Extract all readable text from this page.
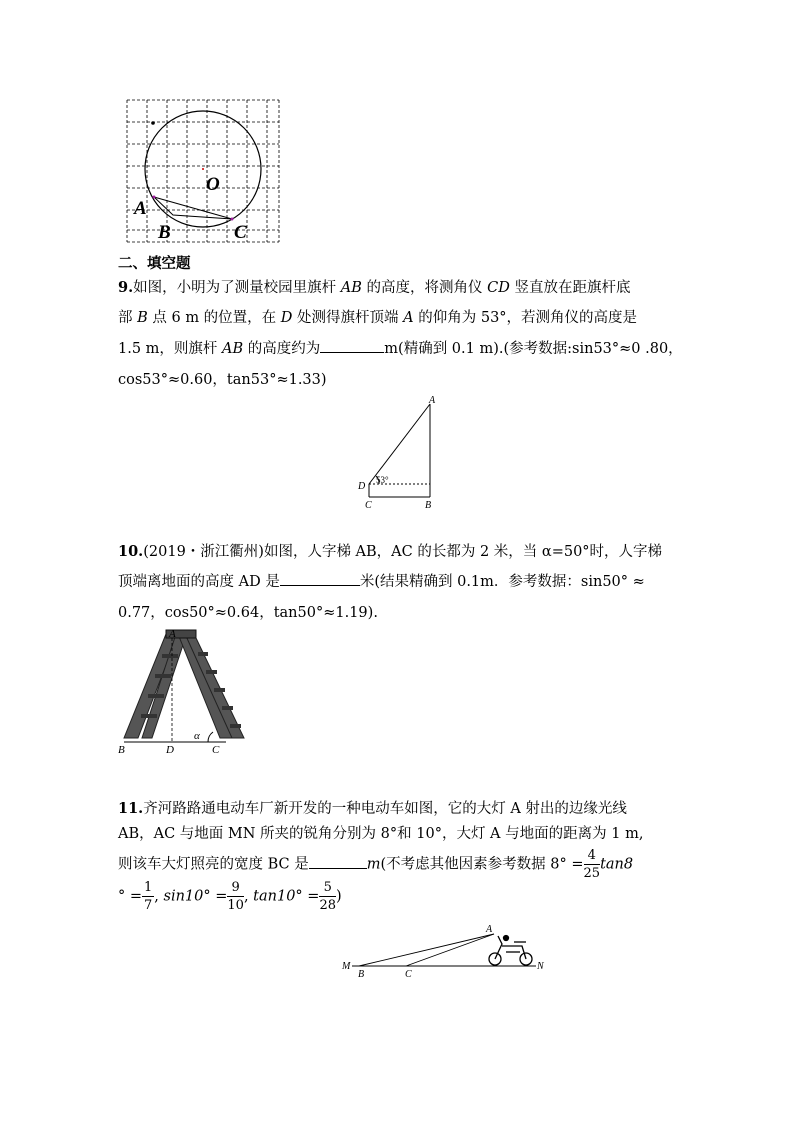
O
A
B	C
二、填空题
9.如图，小明为了测量校园里旗杆 AB 的高度，将测角仪 CD 竖直放在距旗杆底
部 B 点 6 m 的位置，在 D 处测得旗杆顶端 A 的仰角为 53°，若测角仪的高度是
1.5 m，则旗杆 AB 的高度约为	m(精确到 0.1 m).(参考数据:sin53°≈0 .80，
cos53°≈0.60，tan53°≈1.33)
A
D
C	B
53°
10.(2019・浙江衢州)如图，人字梯 AB，AC 的长都为 2 米，当 α=50°时，人字梯
顶端离地面的高度 AD 是	米(结果精确到 0.1m．参考数据：sin50° ≈
0.77，cos50°≈0.64，tan50°≈1.19).
A
B	D	C
α
11.齐河路路通电动车厂新开发的一种电动车如图，它的大灯 A 射出的边缘光线
AB，AC 与地面 MN 所夹的锐角分别为 8°和 10°，大灯 A 与地面的距离为 1 m,
则该车大灯照亮的宽度 BC 是	m(不考虑其他因素参考数据 $8^\circ = \frac{4}{25} \tan 8$
° = $\frac{1}{7}$ , $\sin 10^\circ = \frac{9}{10}$ , $\tan 10^\circ = \frac{5}{28}$ )
A
M
B	C
N
